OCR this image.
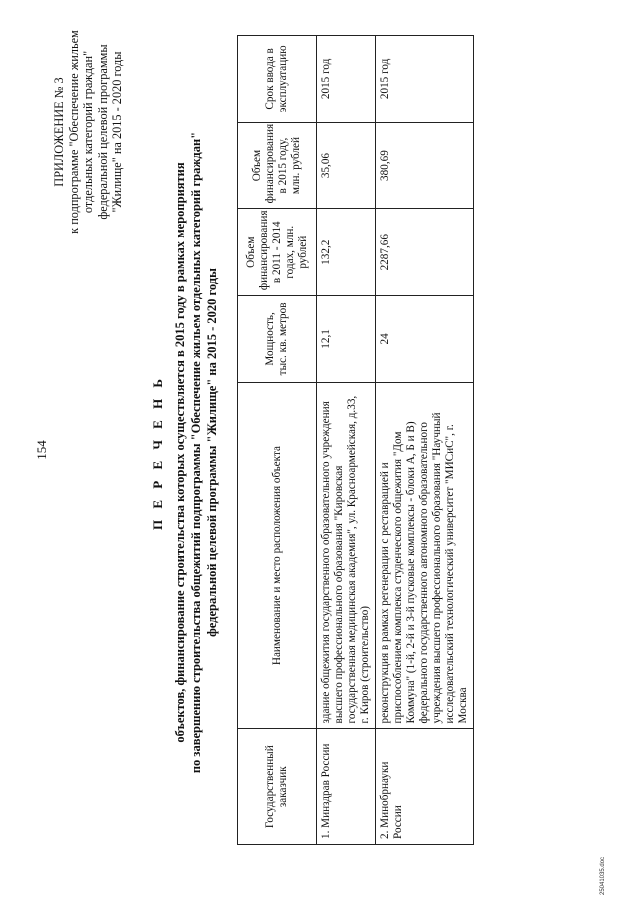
154
ПРИЛОЖЕНИЕ № 3 к подпрограмме "Обеспечение жильем отдельных категорий граждан" федеральной целевой программы "Жилище" на 2015 - 2020 годы
П Е Р Е Ч Е Н Ь объектов, финансирование строительства которых осуществляется в 2015 году в рамках мероприятия по завершению строительства общежитий подпрограммы "Обеспечение жильем отдельных категорий граждан" федеральной целевой программы "Жилище" на 2015 - 2020 годы
Государственный заказчик	Наименование и место расположения объекта	Мощность, тыс. кв. метров	Объем финансирования в 2011 - 2014 годах, млн. рублей	Объем финансирования в 2015 году, млн. рублей	Срок ввода в эксплуатацию
1. Минздрав России	здание общежития государственного образовательного учреждения высшего профессионального образования "Кировская государственная медицинская академия", ул. Красноармейская, д.33, г. Киров (строительство)	12,1	132,2	35,06	2015 год
2. Минобрнауки России	реконструкция в рамках регенерации с реставрацией и приспособлением комплекса студенческого общежития "Дом Коммуна" (1-й, 2-й и 3-й пусковые комплексы - блоки А, Б и В) федерального государственного автономного образовательного учреждения высшего профессионального образования "Научный исследовательский технологический университет "МИСиС", г. Москва	24	2287,66	380,69	2015 год
25041035.doc
